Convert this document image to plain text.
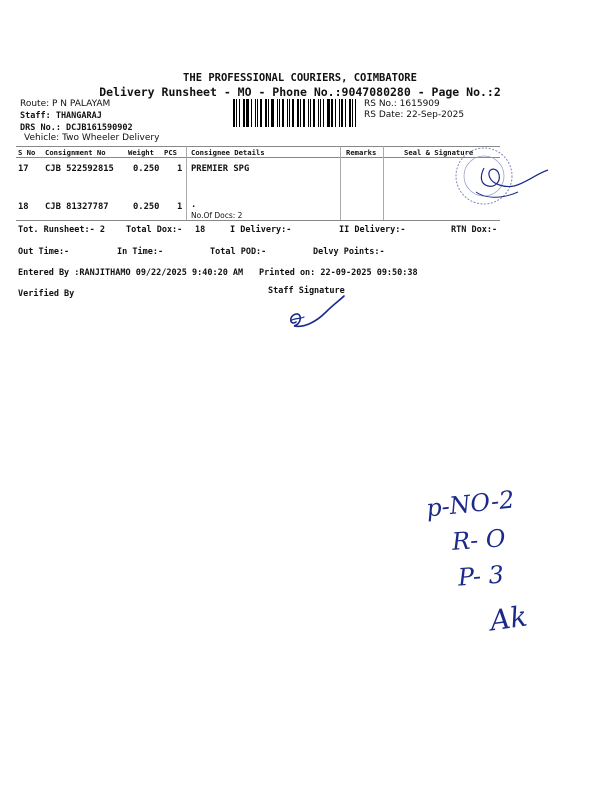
THE PROFESSIONAL COURIERS, COIMBATORE
Delivery Runsheet - MO - Phone No.:9047080280 - Page No.:2
Route: P N PALAYAM
Staff: THANGARAJ
DRS No.: DCJB161590902
Vehicle: Two Wheeler Delivery
RS No.: 1615909
RS Date: 22-Sep-2025
S No Consignment No	Weight PCS Consignee Details	Remarks	Seal & Signature
17 CJB 522592815 0.250 1 PREMIER SPG
18 CJB 81327787	0.250 1 .
No.Of Docs: 2
Tot. Runsheet:- 2 Total Dox:- 18	I Delivery:-	II Delivery:-	RTN Dox:-
Out Time:-	In Time:-	Total POD:-	Delvy Points:-
Entered By :RANJITHAMO 09/22/2025 9:40:20 AM Printed on: 22-09-2025 09:50:38
Verified By	Staff Signature
p-NO-2
R- O
P- 3
Ak
